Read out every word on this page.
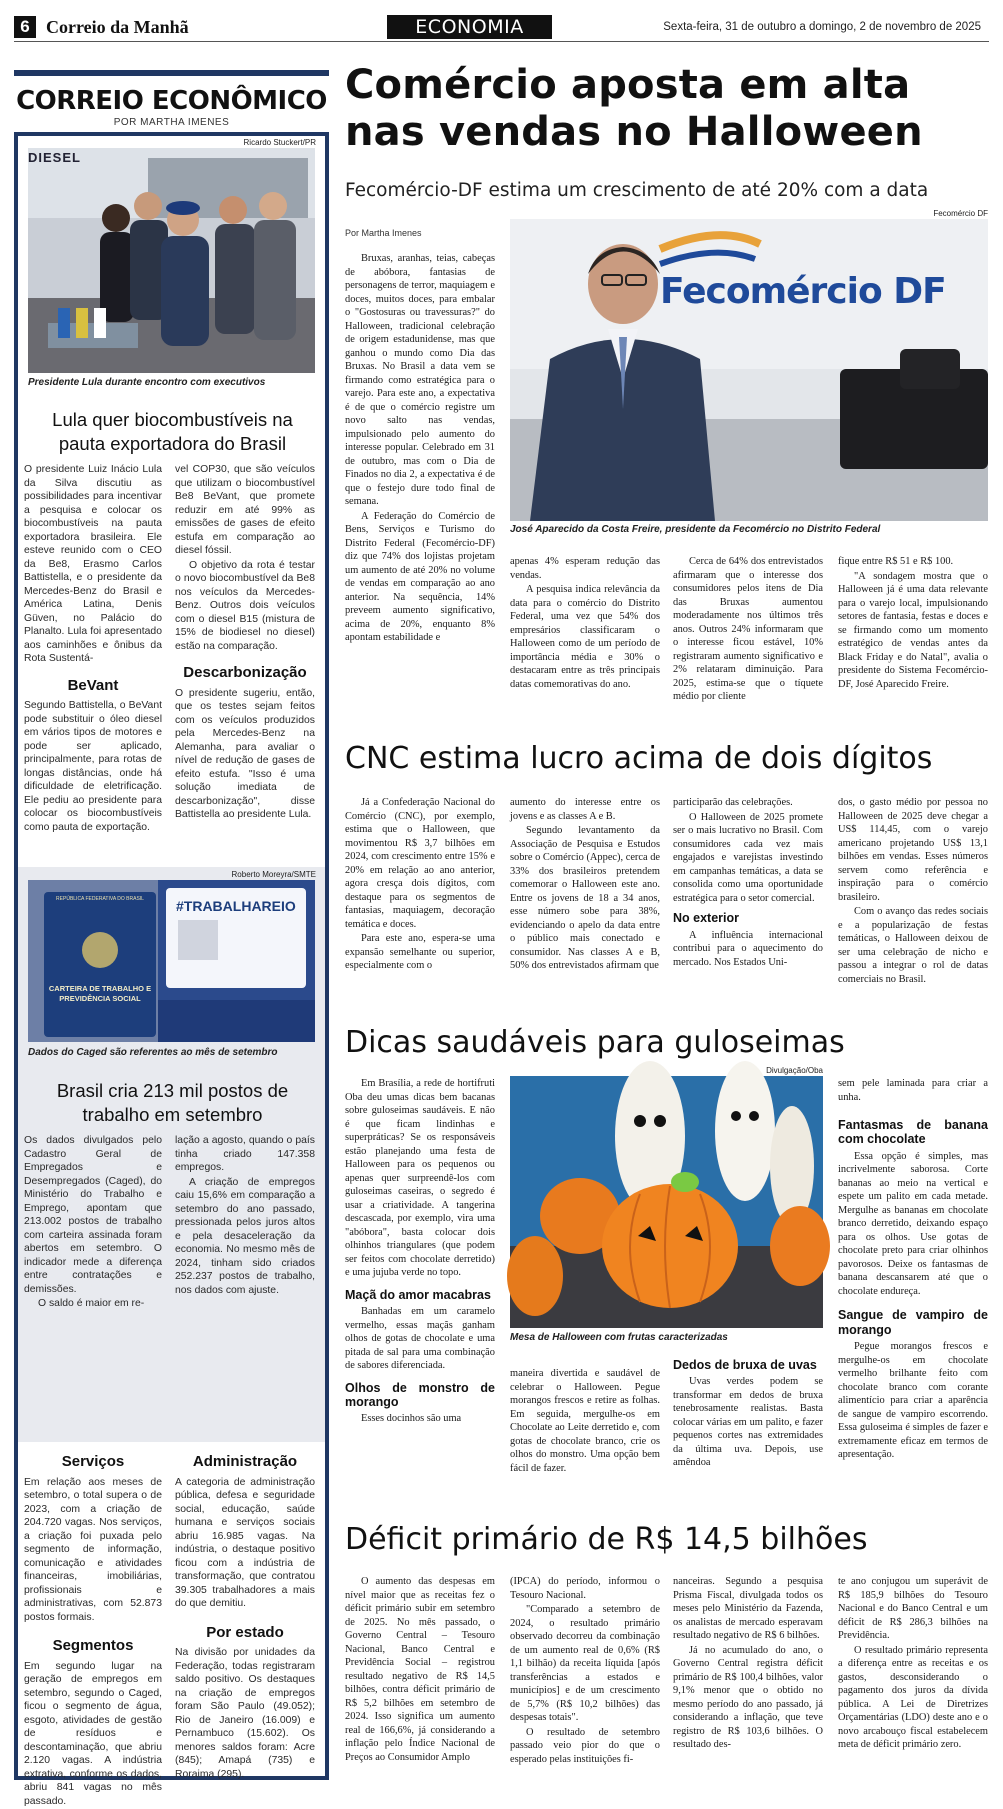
6 Correio da Manhã	ECONOMIA	Sexta-feira, 31 de outubro a domingo, 2 de novembro de 2025
CORREIO ECONÔMICO
POR MARTHA IMENES
Ricardo Stuckert/PR
DIESEL
Presidente Lula durante encontro com executivos
Lula quer biocombustíveis na pauta exportadora do Brasil

O presidente Luiz Inácio Lula da Silva discutiu as possibilidades para incentivar a pesquisa e colocar os biocombustíveis na pauta exportadora brasileira. Ele esteve reunido com o CEO da Be8, Erasmo Carlos Battistella, e o presidente da Mercedes-Benz do Brasil e América Latina, Denis Güven, no Palácio do Planalto. Lula foi apresentado aos caminhões e ônibus da Rota Sustentá-

BeVant

Segundo Battistella, o BeVant pode substituir o óleo diesel em vários tipos de motores e pode ser aplicado, principalmente, para rotas de longas distâncias, onde há dificuldade de eletrificação. Ele pediu ao presidente para colocar os biocombustíveis como pauta de exportação.

vel COP30, que são veículos que utilizam o biocombustível Be8 BeVant, que promete reduzir em até 99% as emissões de gases de efeito estufa em comparação ao diesel fóssil.

O objetivo da rota é testar o novo biocombustível da Be8 nos veículos da Mercedes-Benz. Outros dois veículos com o diesel B15 (mistura de 15% de biodiesel no diesel) estão na comparação.

Descarbonização

O presidente sugeriu, então, que os testes sejam feitos com os veículos produzidos pela Mercedes-Benz na Alemanha, para avaliar o nível de redução de gases de efeito estufa. "Isso é uma solução imediata de descarbonização", disse Battistella ao presidente Lula.

Roberto Moreyra/SMTE
#TRABALHAREIO
REPÚBLICA FEDERATIVA DO BRASIL
CARTEIRA DE TRABALHO E PREVIDÊNCIA SOCIAL
Dados do Caged são referentes ao mês de setembro
Brasil cria 213 mil postos de trabalho em setembro

Os dados divulgados pelo Cadastro Geral de Empregados e Desempregados (Caged), do Ministério do Trabalho e Emprego, apontam que 213.002 postos de trabalho com carteira assinada foram abertos em setembro. O indicador mede a diferença entre contratações e demissões.

O saldo é maior em re-

lação a agosto, quando o país tinha criado 147.358 empregos.

A criação de empregos caiu 15,6% em comparação a setembro do ano passado, pressionada pelos juros altos e pela desaceleração da economia. No mesmo mês de 2024, tinham sido criados 252.237 postos de trabalho, nos dados com ajuste.

Serviços

Em relação aos meses de setembro, o total supera o de 2023, com a criação de 204.720 vagas. Nos serviços, a criação foi puxada pelo segmento de informação, comunicação e atividades financeiras, imobiliárias, profissionais e administrativas, com 52.873 postos formais.

Segmentos

Em segundo lugar na geração de empregos em setembro, segundo o Caged, ficou o segmento de água, esgoto, atividades de gestão de resíduos e descontaminação, que abriu 2.120 vagas. A indústria extrativa, conforme os dados, abriu 841 vagas no mês passado.

Administração

A categoria de administração pública, defesa e seguridade social, educação, saúde humana e serviços sociais abriu 16.985 vagas. Na indústria, o destaque positivo ficou com a indústria de transformação, que contratou 39.305 trabalhadores a mais do que demitiu.

Por estado

Na divisão por unidades da Federação, todas registraram saldo positivo. Os destaques na criação de empregos foram São Paulo (49.052); Rio de Janeiro (16.009) e Pernambuco (15.602). Os menores saldos foram: Acre (845); Amapá (735) e Roraima (295).

Comércio aposta em alta nas vendas no Halloween
Fecomércio-DF estima um crescimento de até 20% com a data
Fecomércio DF
Por Martha Imenes
Fecomércio DF
José Aparecido da Costa Freire, presidente da Fecomércio no Distrito Federal

Bruxas, aranhas, teias, cabeças de abóbora, fantasias de personagens de terror, maquiagem e doces, muitos doces, para embalar o "Gostosuras ou travessuras?" do Halloween, tradicional celebração de origem estadunidense, mas que ganhou o mundo como Dia das Bruxas. No Brasil a data vem se firmando como estratégica para o varejo. Para este ano, a expectativa é de que o comércio registre um novo salto nas vendas, impulsionado pelo aumento do interesse popular. Celebrado em 31 de outubro, mas com o Dia de Finados no dia 2, a expectativa é de que o festejo dure todo final de semana.

A Federação do Comércio de Bens, Serviços e Turismo do Distrito Federal (Fecomércio-DF) diz que 74% dos lojistas projetam um aumento de até 20% no volume de vendas em comparação ao ano anterior. Na sequência, 14% preveem aumento significativo, acima de 20%, enquanto 8% apontam estabilidade e

apenas 4% esperam redução das vendas.

A pesquisa indica relevância da data para o comércio do Distrito Federal, uma vez que 54% dos empresários classificaram o Halloween como de um período de importância média e 30% o destacaram entre as três principais datas comemorativas do ano.

Cerca de 64% dos entrevistados afirmaram que o interesse dos consumidores pelos itens de Dia das Bruxas aumentou moderadamente nos últimos três anos. Outros 24% informaram que o interesse ficou estável, 10% registraram aumento significativo e 2% relataram diminuição. Para 2025, estima-se que o tíquete médio por cliente

fique entre R$ 51 e R$ 100.

"A sondagem mostra que o Halloween já é uma data relevante para o varejo local, impulsionando setores de fantasia, festas e doces e se firmando como um momento estratégico de vendas antes da Black Friday e do Natal", avalia o presidente do Sistema Fecomércio-DF, José Aparecido Freire.

CNC estima lucro acima de dois dígitos

Já a Confederação Nacional do Comércio (CNC), por exemplo, estima que o Halloween, que movimentou R$ 3,7 bilhões em 2024, com crescimento entre 15% e 20% em relação ao ano anterior, agora cresça dois dígitos, com destaque para os segmentos de fantasias, maquiagem, decoração temática e doces.

Para este ano, espera-se uma expansão semelhante ou superior, especialmente com o

aumento do interesse entre os jovens e as classes A e B.

Segundo levantamento da Associação de Pesquisa e Estudos sobre o Comércio (Appec), cerca de 33% dos brasileiros pretendem comemorar o Halloween este ano. Entre os jovens de 18 a 34 anos, esse número sobe para 38%, evidenciando o apelo da data entre o público mais conectado e consumidor. Nas classes A e B, 50% dos entrevistados afirmam que

participarão das celebrações.

O Halloween de 2025 promete ser o mais lucrativo no Brasil. Com consumidores cada vez mais engajados e varejistas investindo em campanhas temáticas, a data se consolida como uma oportunidade estratégica para o setor comercial.

No exterior

A influência internacional contribui para o aquecimento do mercado. Nos Estados Uni-

dos, o gasto médio por pessoa no Halloween de 2025 deve chegar a US$ 114,45, com o varejo americano projetando US$ 13,1 bilhões em vendas. Esses números servem como referência e inspiração para o comércio brasileiro.

Com o avanço das redes sociais e a popularização de festas temáticas, o Halloween deixou de ser uma celebração de nicho e passou a integrar o rol de datas comerciais no Brasil.

Dicas saudáveis para guloseimas
Divulgação/Oba
Mesa de Halloween com frutas caracterizadas

Em Brasília, a rede de hortifruti Oba deu umas dicas bem bacanas sobre guloseimas saudáveis. E não é que ficam lindinhas e superpráticas? Se os responsáveis estão planejando uma festa de Halloween para os pequenos ou apenas quer surpreendê-los com guloseimas caseiras, o segredo é usar a criatividade. A tangerina descascada, por exemplo, vira uma "abóbora", basta colocar dois olhinhos triangulares (que podem ser feitos com chocolate derretido) e uma jujuba verde no topo.

Maçã do amor macabras

Banhadas em um caramelo vermelho, essas maçãs ganham olhos de gotas de chocolate e uma pitada de sal para uma combinação de sabores diferenciada.

Olhos de monstro de morango

Esses docinhos são uma

maneira divertida e saudável de celebrar o Halloween. Pegue morangos frescos e retire as folhas. Em seguida, mergulhe-os em Chocolate ao Leite derretido e, com gotas de chocolate branco, crie os olhos do monstro. Uma opção bem fácil de fazer.

Dedos de bruxa de uvas

Uvas verdes podem se transformar em dedos de bruxa tenebrosamente realistas. Basta colocar várias em um palito, e fazer pequenos cortes nas extremidades da última uva. Depois, use amêndoa

sem pele laminada para criar a unha.

Fantasmas de banana com chocolate

Essa opção é simples, mas incrivelmente saborosa. Corte bananas ao meio na vertical e espete um palito em cada metade. Mergulhe as bananas em chocolate branco derretido, deixando espaço para os olhos. Use gotas de chocolate preto para criar olhinhos pavorosos. Deixe os fantasmas de banana descansarem até que o chocolate endureça.

Sangue de vampiro de morango

Pegue morangos frescos e mergulhe-os em chocolate vermelho brilhante feito com chocolate branco com corante alimentício para criar a aparência de sangue de vampiro escorrendo. Essa guloseima é simples de fazer e extremamente eficaz em termos de apresentação.

Déficit primário de R$ 14,5 bilhões

O aumento das despesas em nível maior que as receitas fez o déficit primário subir em setembro de 2025. No mês passado, o Governo Central – Tesouro Nacional, Banco Central e Previdência Social – registrou resultado negativo de R$ 14,5 bilhões, contra déficit primário de R$ 5,2 bilhões em setembro de 2024. Isso significa um aumento real de 166,6%, já considerando a inflação pelo Índice Nacional de Preços ao Consumidor Amplo

(IPCA) do período, informou o Tesouro Nacional.

"Comparado a setembro de 2024, o resultado primário observado decorreu da combinação de um aumento real de 0,6% (R$ 1,1 bilhão) da receita líquida [após transferências a estados e municípios] e de um crescimento de 5,7% (R$ 10,2 bilhões) das despesas totais".

O resultado de setembro passado veio pior do que o esperado pelas instituições fi-

nanceiras. Segundo a pesquisa Prisma Fiscal, divulgada todos os meses pelo Ministério da Fazenda, os analistas de mercado esperavam resultado negativo de R$ 6 bilhões.

Já no acumulado do ano, o Governo Central registra déficit primário de R$ 100,4 bilhões, valor 9,1% menor que o obtido no mesmo período do ano passado, já considerando a inflação, que teve registro de R$ 103,6 bilhões. O resultado des-

te ano conjugou um superávit de R$ 185,9 bilhões do Tesouro Nacional e do Banco Central e um déficit de R$ 286,3 bilhões na Previdência.

O resultado primário representa a diferença entre as receitas e os gastos, desconsiderando o pagamento dos juros da dívida pública. A Lei de Diretrizes Orçamentárias (LDO) deste ano e o novo arcabouço fiscal estabelecem meta de déficit primário zero.
